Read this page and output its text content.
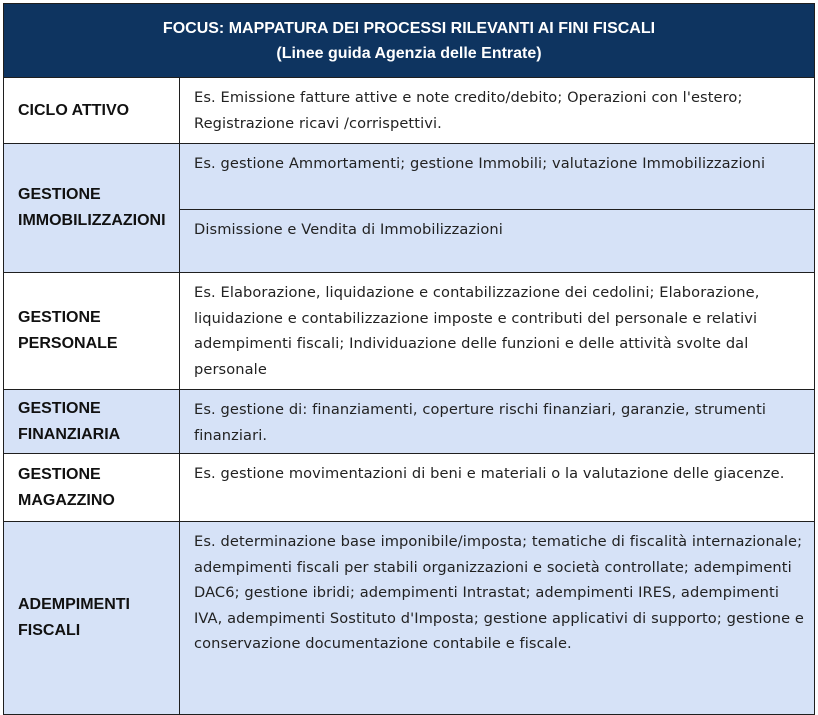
FOCUS: MAPPATURA DEI PROCESSI RILEVANTI AI FINI FISCALI
(Linee guida Agenzia delle Entrate)
CICLO ATTIVO
Es. Emissione fatture attive e note credito/debito; Operazioni con l'estero; Registrazione ricavi /corrispettivi.
GESTIONE IMMOBILIZZAZIONI
Es. gestione Ammortamenti; gestione Immobili; valutazione Immobilizzazioni
Dismissione e Vendita di Immobilizzazioni
GESTIONE PERSONALE
Es. Elaborazione, liquidazione e contabilizzazione dei cedolini; Elaborazione, liquidazione e contabilizzazione imposte e contributi del personale e relativi adempimenti fiscali; Individuazione delle funzioni e delle attività svolte dal personale
GESTIONE FINANZIARIA
Es. gestione di: finanziamenti, coperture rischi finanziari, garanzie, strumenti finanziari.
GESTIONE MAGAZZINO
Es. gestione movimentazioni di beni e materiali o la valutazione delle giacenze.
ADEMPIMENTI FISCALI
Es. determinazione base imponibile/imposta; tematiche di fiscalità internazionale; adempimenti fiscali per stabili organizzazioni e società controllate; adempimenti DAC6; gestione ibridi; adempimenti Intrastat; adempimenti IRES, adempimenti IVA, adempimenti Sostituto d'Imposta; gestione applicativi di supporto; gestione e conservazione documentazione contabile e fiscale.
